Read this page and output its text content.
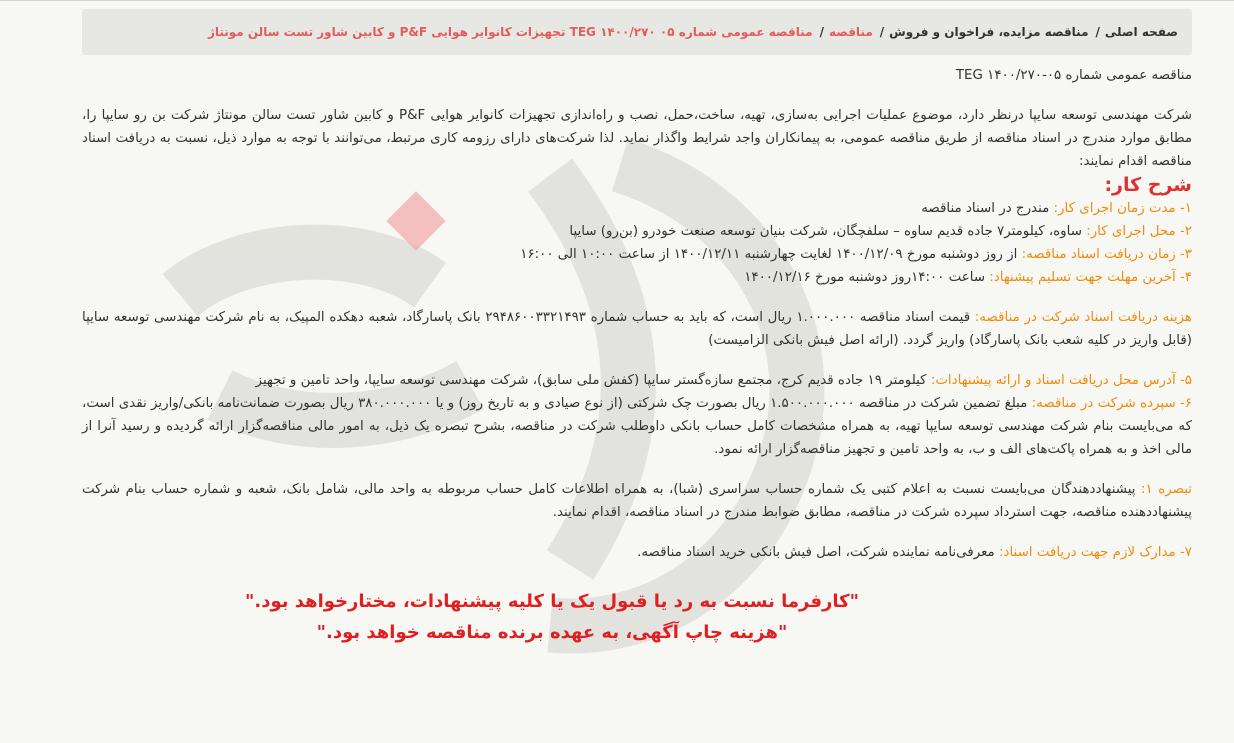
صفحه اصلی
/
مناقصه مزایده، فراخوان و فروش
/
مناقصه
/
مناقصه عمومی شماره ۰۵ ۱۴۰۰/۲۷۰ TEG تجهیزات کانوایر هوایی P&F و کابین شاور تست سالن مونتاژ

مناقصه عمومی شماره ۰۵-۱۴۰۰/۲۷۰ TEG

شرکت مهندسی توسعه سایپا درنظر دارد، موضوع عملیات اجرایی به‌سازی، تهیه، ساخت،حمل، نصب و راه‌اندازی تجهیزات کانوایر هوایی P&F و کابین شاور تست سالن مونتاژ شرکت بن رو سایپا را، مطابق موارد مندرج در اسناد مناقصه از طریق مناقصه عمومی، به پیمانکاران واجد شرایط واگذار نماید. لذا شرکت‌های دارای رزومه کاری مرتبط، می‌توانند با توجه به موارد ذیل، نسبت به دریافت اسناد مناقصه اقدام نمایند:

شرح کار:

۱- مدت زمان اجرای کار: مندرج در اسناد مناقصه

۲- محل اجرای کار: ساوه، کیلومتر۷ جاده قدیم ساوه – سلفچگان، شرکت بنیان توسعه صنعت خودرو (بن‌رو) سایپا

۳- زمان دریافت اسناد مناقصه: از روز دوشنبه مورخ ۱۴۰۰/۱۲/۰۹ لغایت چهارشنبه ۱۴۰۰/۱۲/۱۱ از ساعت ۱۰:۰۰ الی ۱۶:۰۰

۴- آخرین مهلت جهت تسلیم پیشنهاد: ساعت ۱۴:۰۰روز دوشنبه مورخ ۱۴۰۰/۱۲/۱۶

هزینه دریافت اسناد شرکت در مناقصه: قیمت اسناد مناقصه ۱.۰۰۰.۰۰۰ ریال است، که باید به حساب شماره ۲۹۴۸۶۰۰۳۳۲۱۴۹۳ بانک پاسارگاد، شعبه دهکده المپیک، به نام شرکت مهندسی توسعه سایپا (قابل واریز در کلیه شعب بانک پاسارگاد) واریز گردد. (ارائه اصل فیش بانکی الزامیست)

۵- آدرس محل دریافت اسناد و ارائه پیشنهادات: کیلومتر ۱۹ جاده قدیم کرج، مجتمع سازه‌گستر سایپا (کفش ملی سابق)، شرکت مهندسی توسعه سایپا، واحد تامین و تجهیز

۶- سپرده شرکت در مناقصه: مبلغ تضمین شرکت در مناقصه ۱.۵۰۰.۰۰۰.۰۰۰ ریال بصورت چک شرکتی (از نوع صیادی و به تاریخ روز) و یا ۳۸۰.۰۰۰.۰۰۰ ریال بصورت ضمانت‌نامه بانکی/واریز نقدی است، که می‌بایست بنام شرکت مهندسی توسعه سایپا تهیه، به همراه مشخصات کامل حساب بانکی داوطلب شرکت در مناقصه، بشرح تبصره یک ذیل، به امور مالی مناقصه‌گزار ارائه گردیده و رسید آنرا از مالی اخذ و به همراه پاکت‌های الف و ب، به واحد تامین و تجهیز مناقصه‌گزار ارائه نمود.

تبصره ۱: پیشنهاددهندگان می‌بایست نسبت به اعلام کتبی یک شماره حساب سراسری (شبا)، به همراه اطلاعات کامل حساب مربوطه به واحد مالی، شامل بانک، شعبه و شماره حساب بنام شرکت پیشنهاددهنده مناقصه، جهت استرداد سپرده شرکت در مناقصه، مطابق ضوابط مندرج در اسناد مناقصه، اقدام نمایند.

۷- مدارک لازم جهت دریافت اسناد: معرفی‌نامه نماینده شرکت، اصل فیش بانکی خرید اسناد مناقصه.

"کارفرما نسبت به رد یا قبول یک یا کلیه پیشنهادات، مختارخواهد بود."

"هزینه چاپ آگهی، به عهده برنده مناقصه خواهد بود."
